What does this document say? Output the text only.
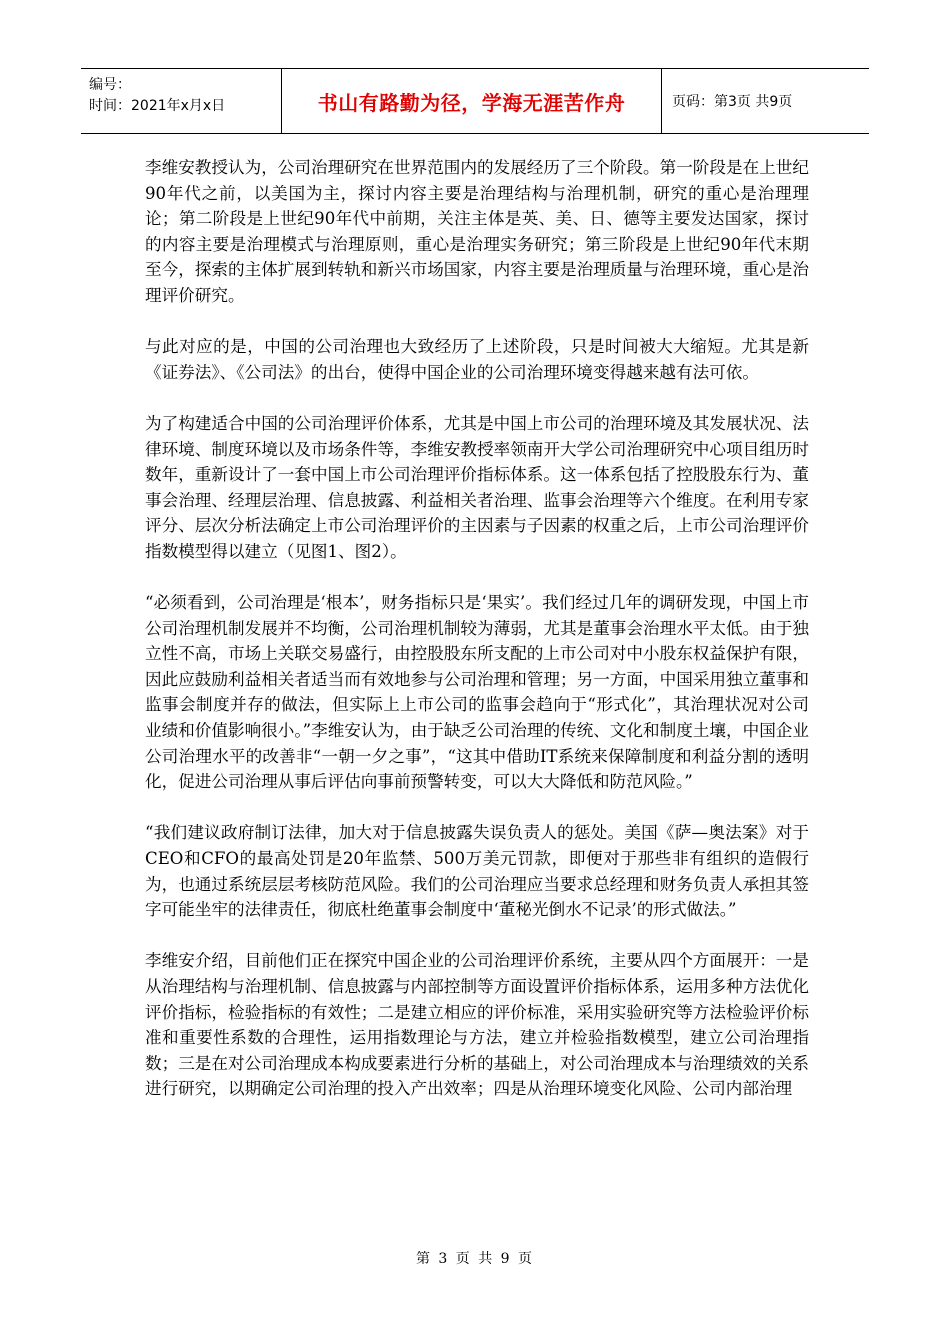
编号：
时间：2021年x月x日	书山有路勤为径，学海无涯苦作舟	页码：第3页 共9页

李维安教授认为，公司治理研究在世界范围内的发展经历了三个阶段。第一阶段是在上世纪90年代之前，以美国为主，探讨内容主要是治理结构与治理机制，研究的重心是治理理论；第二阶段是上世纪90年代中前期，关注主体是英、美、日、德等主要发达国家，探讨的内容主要是治理模式与治理原则，重心是治理实务研究；第三阶段是上世纪90年代末期至今，探索的主体扩展到转轨和新兴市场国家，内容主要是治理质量与治理环境，重心是治理评价研究。

与此对应的是，中国的公司治理也大致经历了上述阶段，只是时间被大大缩短。尤其是新《证券法》、《公司法》的出台，使得中国企业的公司治理环境变得越来越有法可依。

为了构建适合中国的公司治理评价体系，尤其是中国上市公司的治理环境及其发展状况、法律环境、制度环境以及市场条件等，李维安教授率领南开大学公司治理研究中心项目组历时数年，重新设计了一套中国上市公司治理评价指标体系。这一体系包括了控股股东行为、董事会治理、经理层治理、信息披露、利益相关者治理、监事会治理等六个维度。在利用专家评分、层次分析法确定上市公司治理评价的主因素与子因素的权重之后，上市公司治理评价指数模型得以建立（见图1、图2）。

“必须看到，公司治理是‘根本’，财务指标只是‘果实’。我们经过几年的调研发现，中国上市公司治理机制发展并不均衡，公司治理机制较为薄弱，尤其是董事会治理水平太低。由于独立性不高，市场上关联交易盛行，由控股股东所支配的上市公司对中小股东权益保护有限，因此应鼓励利益相关者适当而有效地参与公司治理和管理；另一方面，中国采用独立董事和监事会制度并存的做法，但实际上上市公司的监事会趋向于“形式化”，其治理状况对公司业绩和价值影响很小。”李维安认为，由于缺乏公司治理的传统、文化和制度土壤，中国企业公司治理水平的改善非“一朝一夕之事”，“这其中借助IT系统来保障制度和利益分割的透明化，促进公司治理从事后评估向事前预警转变，可以大大降低和防范风险。”

“我们建议政府制订法律，加大对于信息披露失误负责人的惩处。美国《萨—奥法案》对于CEO和CFO的最高处罚是20年监禁、500万美元罚款，即便对于那些非有组织的造假行为，也通过系统层层考核防范风险。我们的公司治理应当要求总经理和财务负责人承担其签字可能坐牢的法律责任，彻底杜绝董事会制度中‘董秘光倒水不记录’的形式做法。”

李维安介绍，目前他们正在探究中国企业的公司治理评价系统，主要从四个方面展开：一是从治理结构与治理机制、信息披露与内部控制等方面设置评价指标体系，运用多种方法优化评价指标，检验指标的有效性；二是建立相应的评价标准，采用实验研究等方法检验评价标准和重要性系数的合理性，运用指数理论与方法，建立并检验指数模型，建立公司治理指数；三是在对公司治理成本构成要素进行分析的基础上，对公司治理成本与治理绩效的关系进行研究，以期确定公司治理的投入产出效率；四是从治理环境变化风险、公司内部治理

第 3 页 共 9 页
